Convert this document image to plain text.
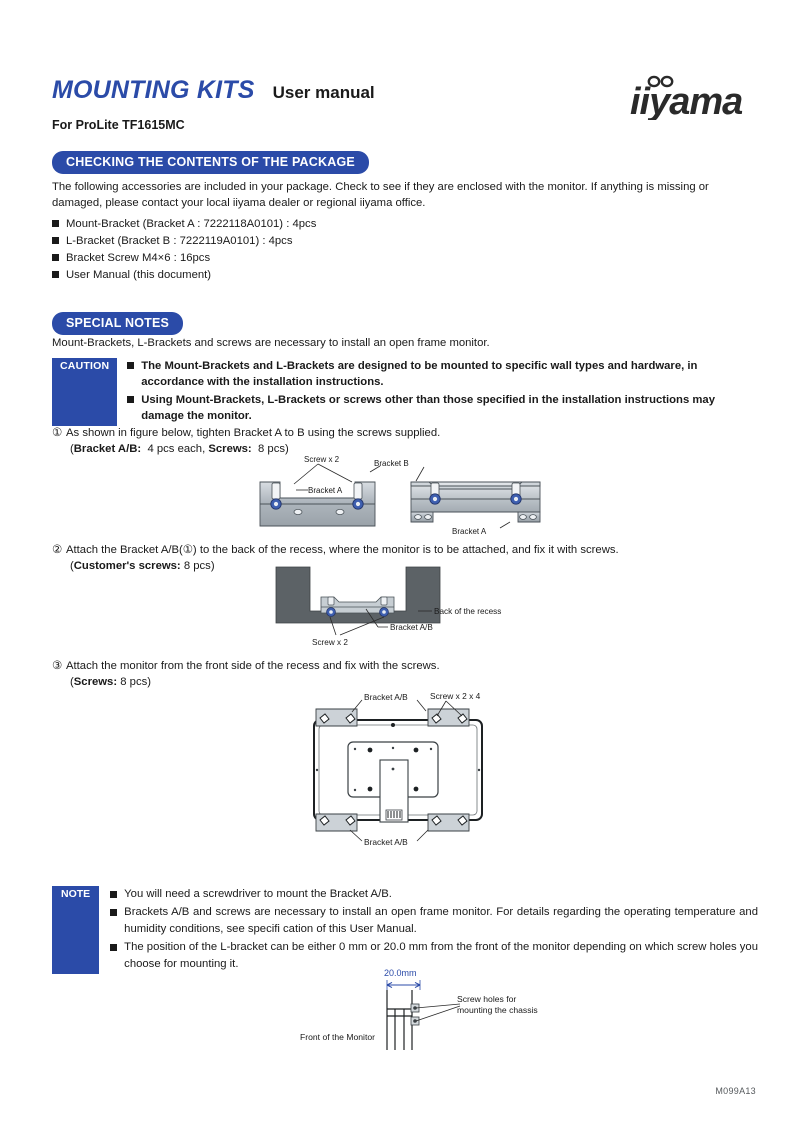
MOUNTING KITS User manual
For ProLite TF1615MC
iiyama
CHECKING THE CONTENTS OF THE PACKAGE
The following accessories are included in your package. Check to see if they are enclosed with the monitor. If anything is missing or damaged, please contact your local iiyama dealer or regional iiyama office.
Mount-Bracket (Bracket A : 7222118A0101) : 4pcs
L-Bracket (Bracket B : 7222119A0101) : 4pcs
Bracket Screw M4×6 : 16pcs
User Manual (this document)
SPECIAL NOTES
Mount-Brackets, L-Brackets and screws are necessary to install an open frame monitor.
CAUTION	The Mount-Brackets and L-Brackets are designed to be mounted to specific wall types and hardware, in accordance with the installation instructions.
Using Mount-Brackets, L-Brackets or screws other than those specified in the installation instructions may damage the monitor.
① As shown in figure below, tighten Bracket A to B using the screws supplied.
(Bracket A/B: 4 pcs each, Screws: 8 pcs)
Screw x 2
Bracket A
Bracket B
Bracket A
② Attach the Bracket A/B(①) to the back of the recess, where the monitor is to be attached, and fix it with screws.
(Customer's screws: 8 pcs)
Back of the recess
Bracket A/B
Screw x 2
③ Attach the monitor from the front side of the recess and fix with the screws.
(Screws: 8 pcs)
Bracket A/B	Screw x 2 x 4
Bracket A/B
NOTE	You will need a screwdriver to mount the Bracket A/B.
Brackets A/B and screws are necessary to install an open frame monitor. For details regarding the operating temperature and humidity conditions, see specifi cation of this User Manual.
The position of the L-bracket can be either 0 mm or 20.0 mm from the front of the monitor depending on which screw holes you choose for mounting it.
20.0mm
Screw holes for
mounting the chassis
Front of the Monitor
M099A13
